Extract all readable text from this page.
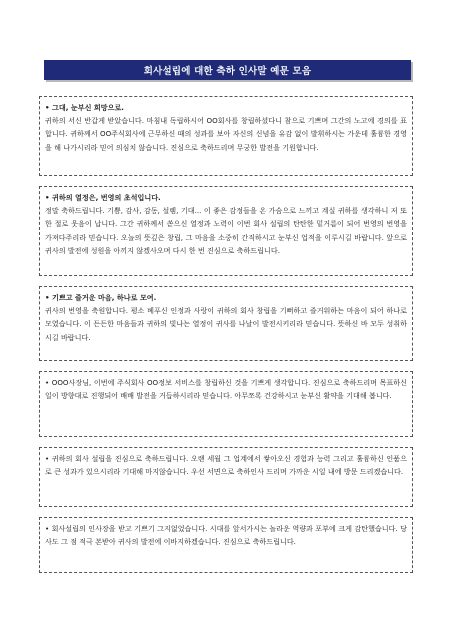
회사설립에 대한 축하 인사말 예문 모음
• 그대, 눈부신 희망으로.
귀하의 서신 반갑게 받았습니다. 마침내 독립하시어 OO회사를 창립하셨다니 참으로 기쁘며 그간의 노고에 경의를 표합니다. 귀하께서 OO주식회사에 근무하신 때의 성과를 보아 자신의 신념을 유감 없이 발휘하시는 가운데 훌륭한 경영을 해 나가시리라 믿어 의심치 않습니다. 진심으로 축하드리며 무궁한 발전을 기원합니다.
• 귀하의 열정은, 번영의 초석입니다.
정말 축하드립니다. 기쁨, 감사, 감동, 설렘, 기대... 이 좋은 감정들을 온 가슴으로 느끼고 계실 귀하를 생각하니 저 또한 절로 웃음이 납니다. 그간 귀하께서 쏟으신 열정과 노력이 이번 회사 설립의 탄탄한 밑거름이 되어 번영의 번영을 가져다주리라 믿습니다. 오늘의 뜻깊은 창립, 그 마음을 소중히 간직하시고 눈부신 업적을 이루시길 바랍니다. 앞으로 귀사의 발전에 성원을 아끼지 않겠사오며 다시 한 번 진심으로 축하드립니다.
• 기쁘고 즐거운 마음, 하나로 모여.
귀사의 번영을 축원합니다. 평소 베푸신 인정과 사랑이 귀하의 회사 창립을 기뻐하고 즐거워하는 마음이 되어 하나로 모였습니다. 이 든든한 마음들과 귀하의 빛나는 열정이 귀사를 나날이 발전시키리라 믿습니다. 뜻하신 바 모두 성취하시길 바랍니다.
• OOO사장님, 이번에 주식회사 OO정보 서비스를 창립하신 것을 기쁘게 생각합니다. 진심으로 축하드리며 목표하신 일이 방향대로 진행되어 배배 발전을 거듭하시리라 믿습니다. 아무쪼록 건강하시고 눈부신 활약을 기대해 봅니다.
• 귀하의 회사 설립을 진심으로 축하드립니다. 오랜 세월 그 업계에서 쌓아오신 경험과 능력 그리고 훌륭하신 인품으로 큰 성과가 있으시리라 기대해 마지않습니다. 우선 서면으로 축하인사 드리며 가까운 시일 내에 방문 드리겠습니다.
• 회사설립의 인사장을 받고 기쁘기 그지없었습니다. 시대를 앞서가시는 놀라운 역량과 포부에 크게 감탄했습니다. 당사도 그 점 적극 본받아 귀사의 발전에 이바지하겠습니다. 진심으로 축하드립니다.
